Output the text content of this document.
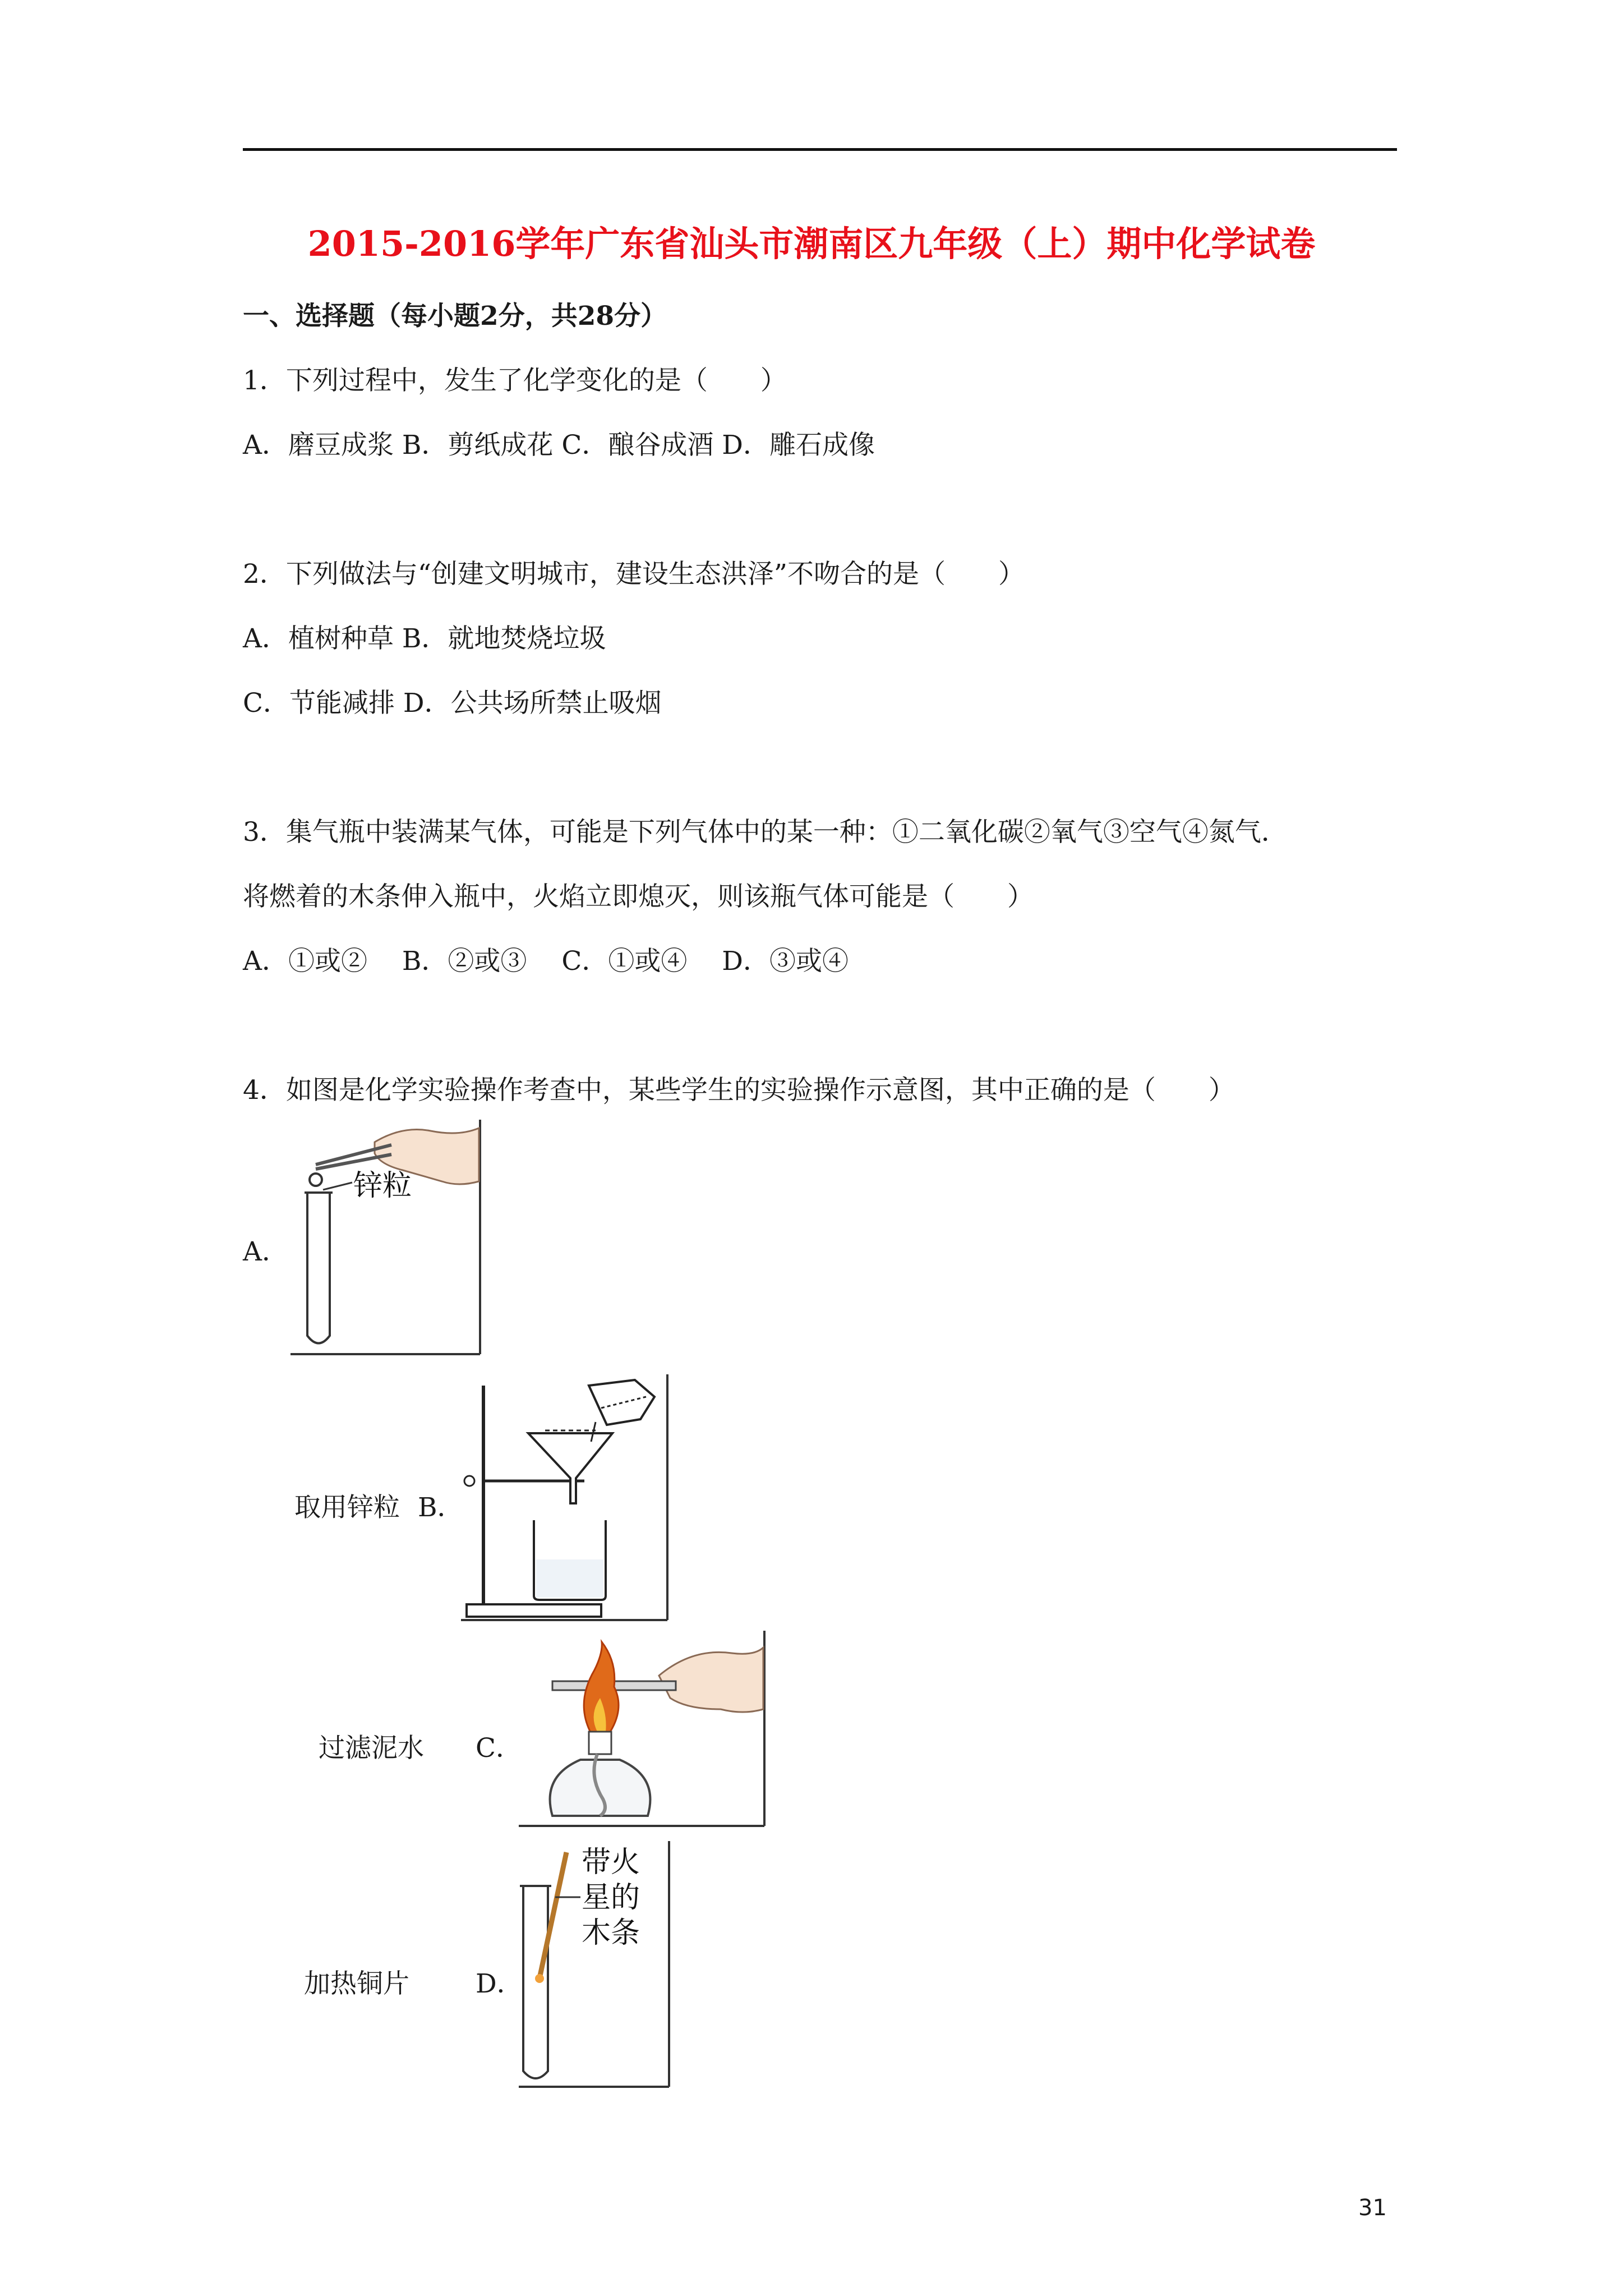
2015-2016学年广东省汕头市潮南区九年级（上）期中化学试卷
一、选择题（每小题2分，共28分）
1．下列过程中，发生了化学变化的是（　　）
A．磨豆成浆 B．剪纸成花 C．酿谷成酒 D．雕石成像
2．下列做法与“创建文明城市，建设生态洪泽”不吻合的是（　　）
A．植树种草 B．就地焚烧垃圾
C．节能减排 D．公共场所禁止吸烟
3．集气瓶中装满某气体，可能是下列气体中的某一种：①二氧化碳②氧气③空气④氮气．
将燃着的木条伸入瓶中，火焰立即熄灭，则该瓶气体可能是（　　）
A．①或②　 B．②或③　 C．①或④　 D．③或④
4．如图是化学实验操作考查中，某些学生的实验操作示意图，其中正确的是（　　）
A．
锌粒
取用锌粒 B．
过滤泥水 C．
加热铜片	D．
带火
星的
木条
31
